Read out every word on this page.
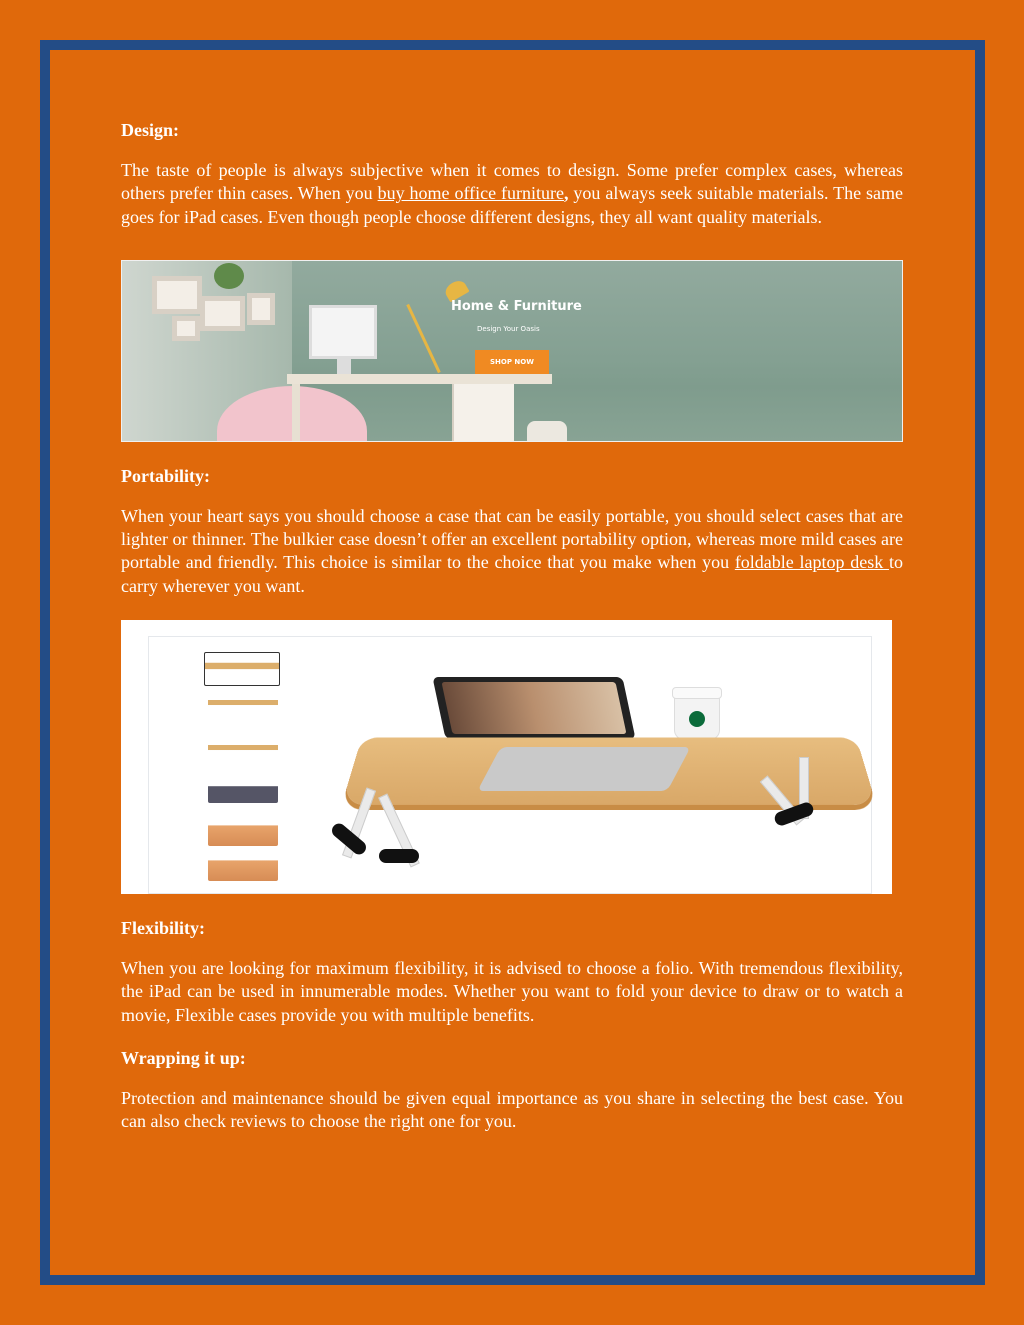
Design:

The taste of people is always subjective when it comes to design. Some prefer complex cases, whereas others prefer thin cases. When you buy home office furniture, you always seek suitable materials. The same goes for iPad cases. Even though people choose different designs, they all want quality materials.

Home & Furniture
Design Your Oasis
SHOP NOW
Portability:

When your heart says you should choose a case that can be easily portable, you should select cases that are lighter or thinner. The bulkier case doesn’t offer an excellent portability option, whereas more mild cases are portable and friendly. This choice is similar to the choice that you make when you foldable laptop desk to carry wherever you want.

Flexibility:

When you are looking for maximum flexibility, it is advised to choose a folio. With tremendous flexibility, the iPad can be used in innumerable modes. Whether you want to fold your device to draw or to watch a movie, Flexible cases provide you with multiple benefits.

Wrapping it up:

Protection and maintenance should be given equal importance as you share in selecting the best case. You can also check reviews to choose the right one for you.
